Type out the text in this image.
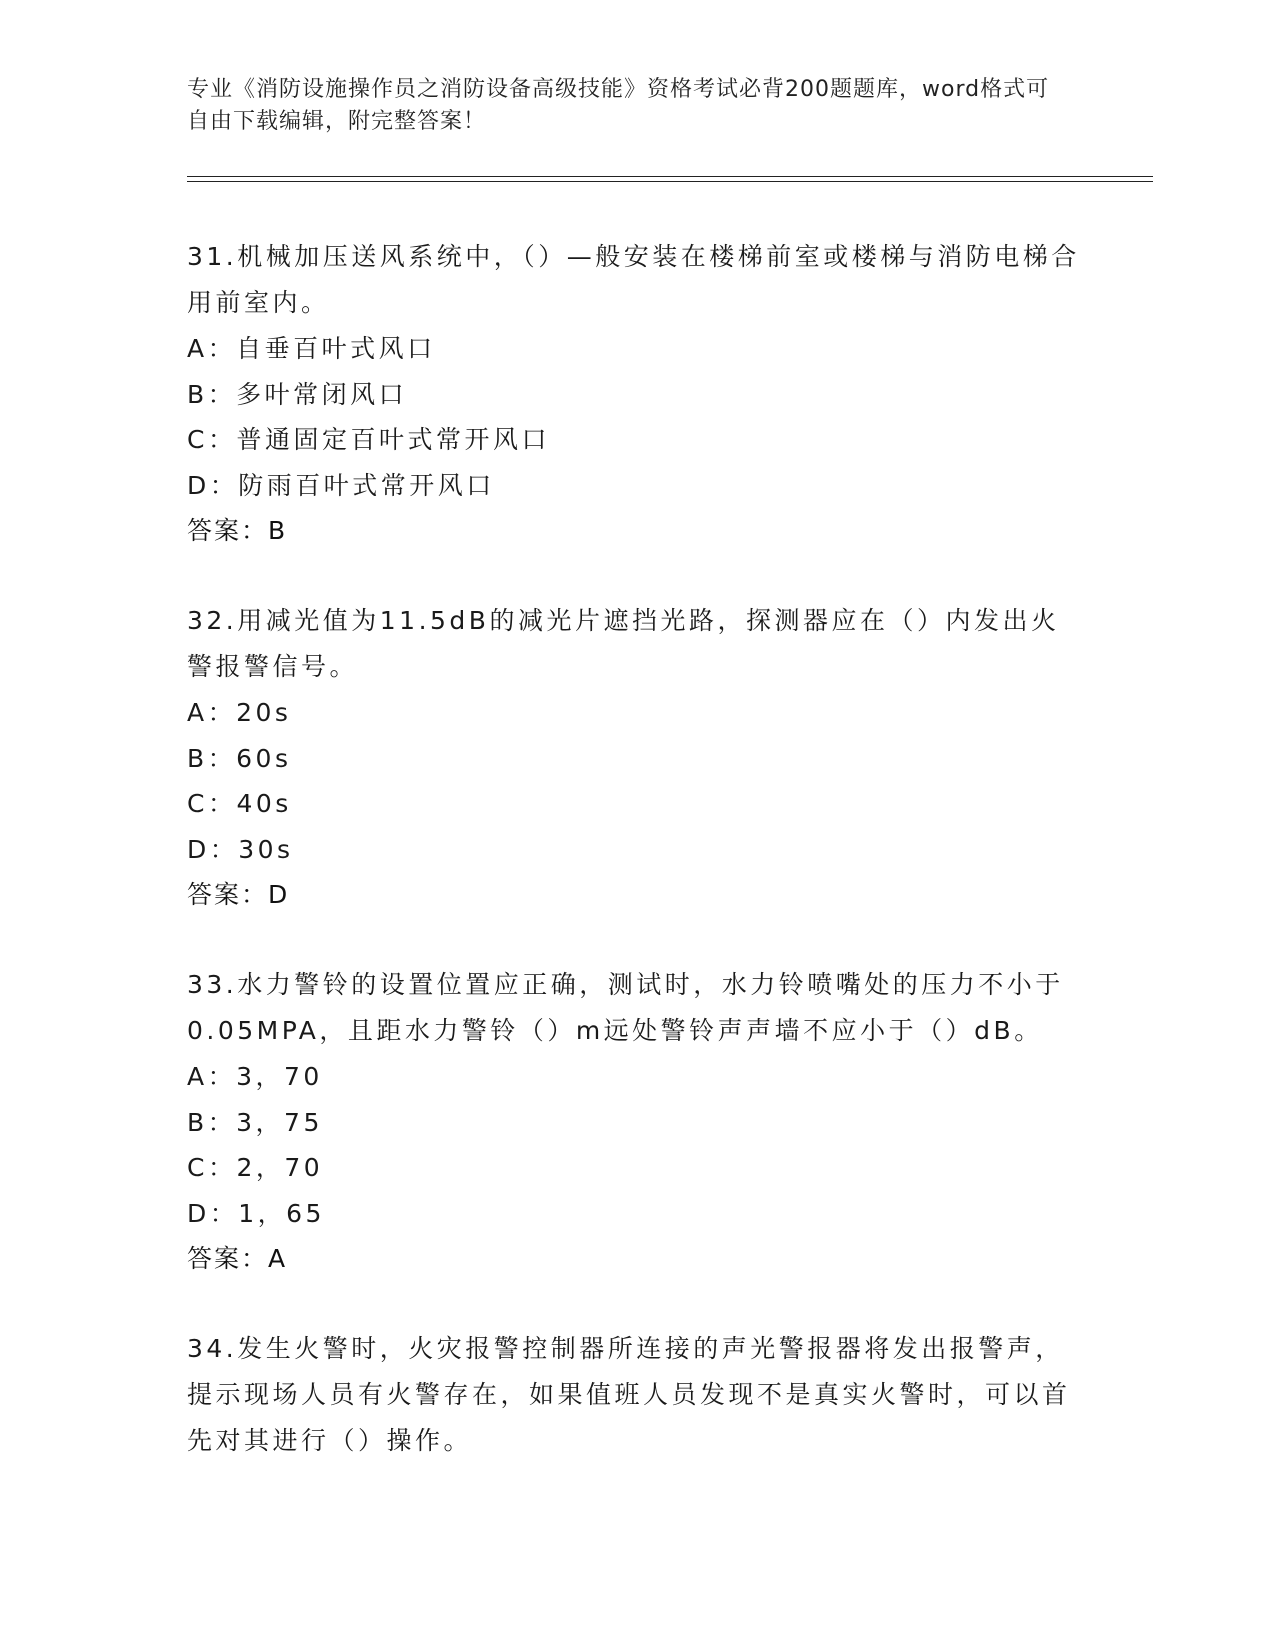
专业《消防设施操作员之消防设备高级技能》资格考试必背200题题库，word格式可自由下载编辑，附完整答案！

31.机械加压送风系统中，（）—般安装在楼梯前室或楼梯与消防电梯合用前室内。

A：自垂百叶式风口

B：多叶常闭风口

C：普通固定百叶式常开风口

D：防雨百叶式常开风口

答案：B

32.用减光值为11.5dB的减光片遮挡光路，探测器应在（）内发出火警报警信号。

A：20s

B：60s

C：40s

D：30s

答案：D

33.水力警铃的设置位置应正确，测试时，水力铃喷嘴处的压力不小于0.05MPA，且距水力警铃（）m远处警铃声声墙不应小于（）dB。

A：3，70

B：3，75

C：2，70

D：1，65

答案：A

34.发生火警时，火灾报警控制器所连接的声光警报器将发出报警声，提示现场人员有火警存在，如果值班人员发现不是真实火警时，可以首先对其进行（）操作。
